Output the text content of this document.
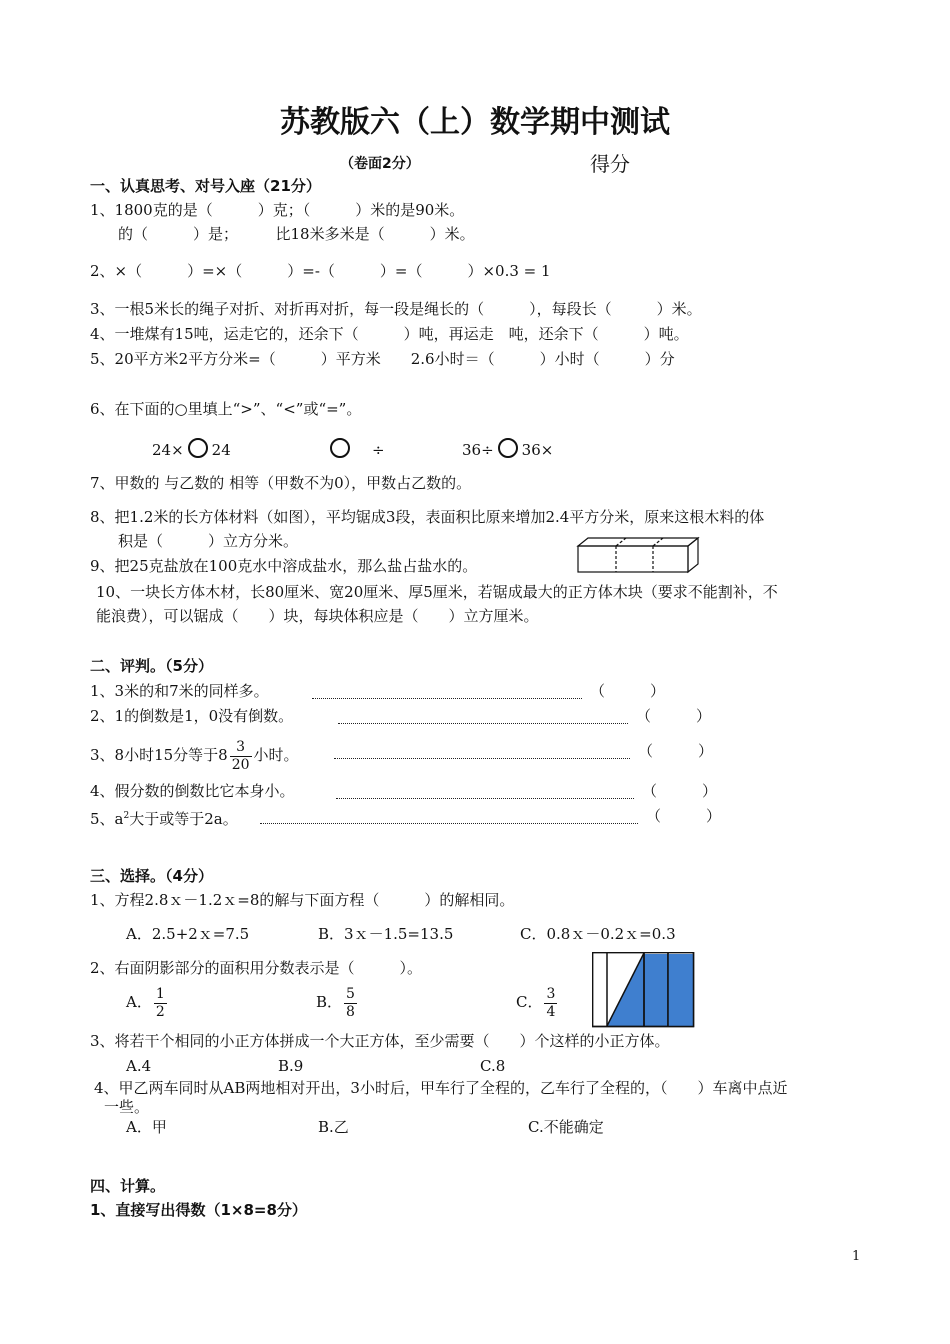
苏教版六（上）数学期中测试
（卷面2分）	得分
一、认真思考、对号入座（21分）
1、1800克的是（　　　）克；（　　　）米的是90米。
的（　　　）是；　　　比18米多米是（　　　）米。
2、×（　　　）=×（　　　）=-（　　　）=（　　　）×0.3 = 1
3、一根5米长的绳子对折、对折再对折，每一段是绳长的（　　　），每段长（　　　）米。
4、一堆煤有15吨，运走它的，还余下（　　　）吨，再运走　吨，还余下（　　　）吨。
5、20平方米2平方分米=（　　　）平方米　　2.6小时＝（　　　）小时（　　　）分
6、在下面的○里填上“>”、“<”或“=”。
24× 24	÷	36÷ 36×
7、甲数的 与乙数的 相等（甲数不为0），甲数占乙数的。
8、把1.2米的长方体材料（如图），平均锯成3段，表面积比原来增加2.4平方分米，原来这根木料的体
积是（　　　）立方分米。
9、把25克盐放在100克水中溶成盐水，那么盐占盐水的。
10、一块长方体木材，长80厘米、宽20厘米、厚5厘米，若锯成最大的正方体木块（要求不能割补，不
能浪费），可以锯成（　　）块，每块体积应是（　　）立方厘米。
二、评判。（5分）
1、3米的和7米的同样多。	（　　　）
2、1的倒数是1，0没有倒数。	（　　　）
3、8小时15分等于$8 \frac{3}{20}$ 小时。	（　　　）
4、假分数的倒数比它本身小。	（　　　）
5、$a^2$大于或等于2a。	（　　　）
三、选择。（4分）
1、方程2.8ｘ－1.2ｘ=8的解与下面方程（　　　）的解相同。
A．2.5+2ｘ=7.5	B．3ｘ－1.5=13.5	C．0.8ｘ－0.2ｘ=0.3
2、右面阴影部分的面积用分数表示是（　　　）。
A． $\frac{1}{2}$	B． $\frac{5}{8}$	C． $\frac{3}{4}$
3、将若干个相同的小正方体拼成一个大正方体，至少需要（　　）个这样的小正方体。
A.4	B.9	C.8
4、甲乙两车同时从AB两地相对开出，3小时后，甲车行了全程的，乙车行了全程的，（　　）车离中点近
一些。
A．甲	B.乙	C.不能确定
四、计算。
1、直接写出得数（1×8=8分）
1
